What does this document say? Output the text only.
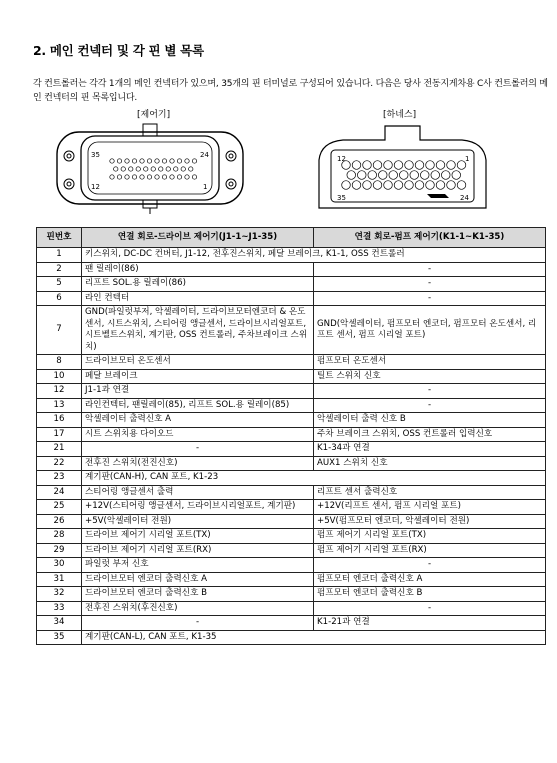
2. 메인 컨넥터 및 각 핀 별 목록
각 컨트롤러는 각각 1개의 메인 컨넥터가 있으며, 35개의 핀 터미널로 구성되어 있습니다. 다음은 당사 전동지게차용 C사 컨트롤러의 메인 컨넥터의 핀 목록입니다.
[제어기]	[하네스]
35	24
12	1
12	1
35	24
핀번호	연결 회로-드라이브 제어기(J1-1~J1-35)	연결 회로-펌프 제어기(K1-1~K1-35)
1	키스위치, DC-DC 컨버터, J1-12, 전후진스위치, 페달 브레이크, K1-1, OSS 컨트롤러	
2	팬 릴레이(86)	-
5	리프트 SOL.용 릴레이(86)	-
6	라인 컨텍터	-
7	GND(파일럿부저, 악셀레이터, 드라이브모터엔코더 & 온도센서, 시트스위치, 스티어링 앵글센서, 드라이브시리얼포트, 시트벨트스위치, 계기판, OSS 컨트롤러, 주차브레이크 스위치)	GND(악셀레이터, 펌프모터 엔코더, 펌프모터 온도센서, 리프트 센서, 펌프 시리얼 포트)
8	드라이브모터 온도센서	펌프모터 온도센서
10	페달 브레이크	틸트 스위치 신호
12	J1-1과 연결	-
13	라인컨텍터, 팬릴레이(85), 리프트 SOL.용 릴레이(85)	-
16	악셀레이터 출력신호 A	악셀레이터 출력 신호 B
17	시트 스위치용 다이오드	주차 브레이크 스위치, OSS 컨트롤러 입력신호
21	-	K1-34과 연결
22	전후진 스위치(전진신호)	AUX1 스위치 신호
23	계기판(CAN-H), CAN 포트, K1-23	
24	스티어링 앵글센서 출력	리프트 센서 출력신호
25	+12V(스티어링 앵글센서, 드라이브시리얼포트, 계기판)	+12V(리프트 센서, 펌프 시리얼 포트)
26	+5V(악셀레이터 전원)	+5V(펌프모터 엔코더, 악셀레이터 전원)
28	드라이브 제어기 시리얼 포트(TX)	펌프 제어기 시리얼 포트(TX)
29	드라이브 제어기 시리얼 포트(RX)	펌프 제어기 시리얼 포트(RX)
30	파일럿 부저 신호	-
31	드라이브모터 엔코더 출력신호 A	펌프모터 엔코더 출력신호 A
32	드라이브모터 엔코더 출력신호 B	펌프모터 엔코더 출력신호 B
33	전후진 스위치(후진신호)	-
34	-	K1-21과 연결
35	계기판(CAN-L), CAN 포트, K1-35	
